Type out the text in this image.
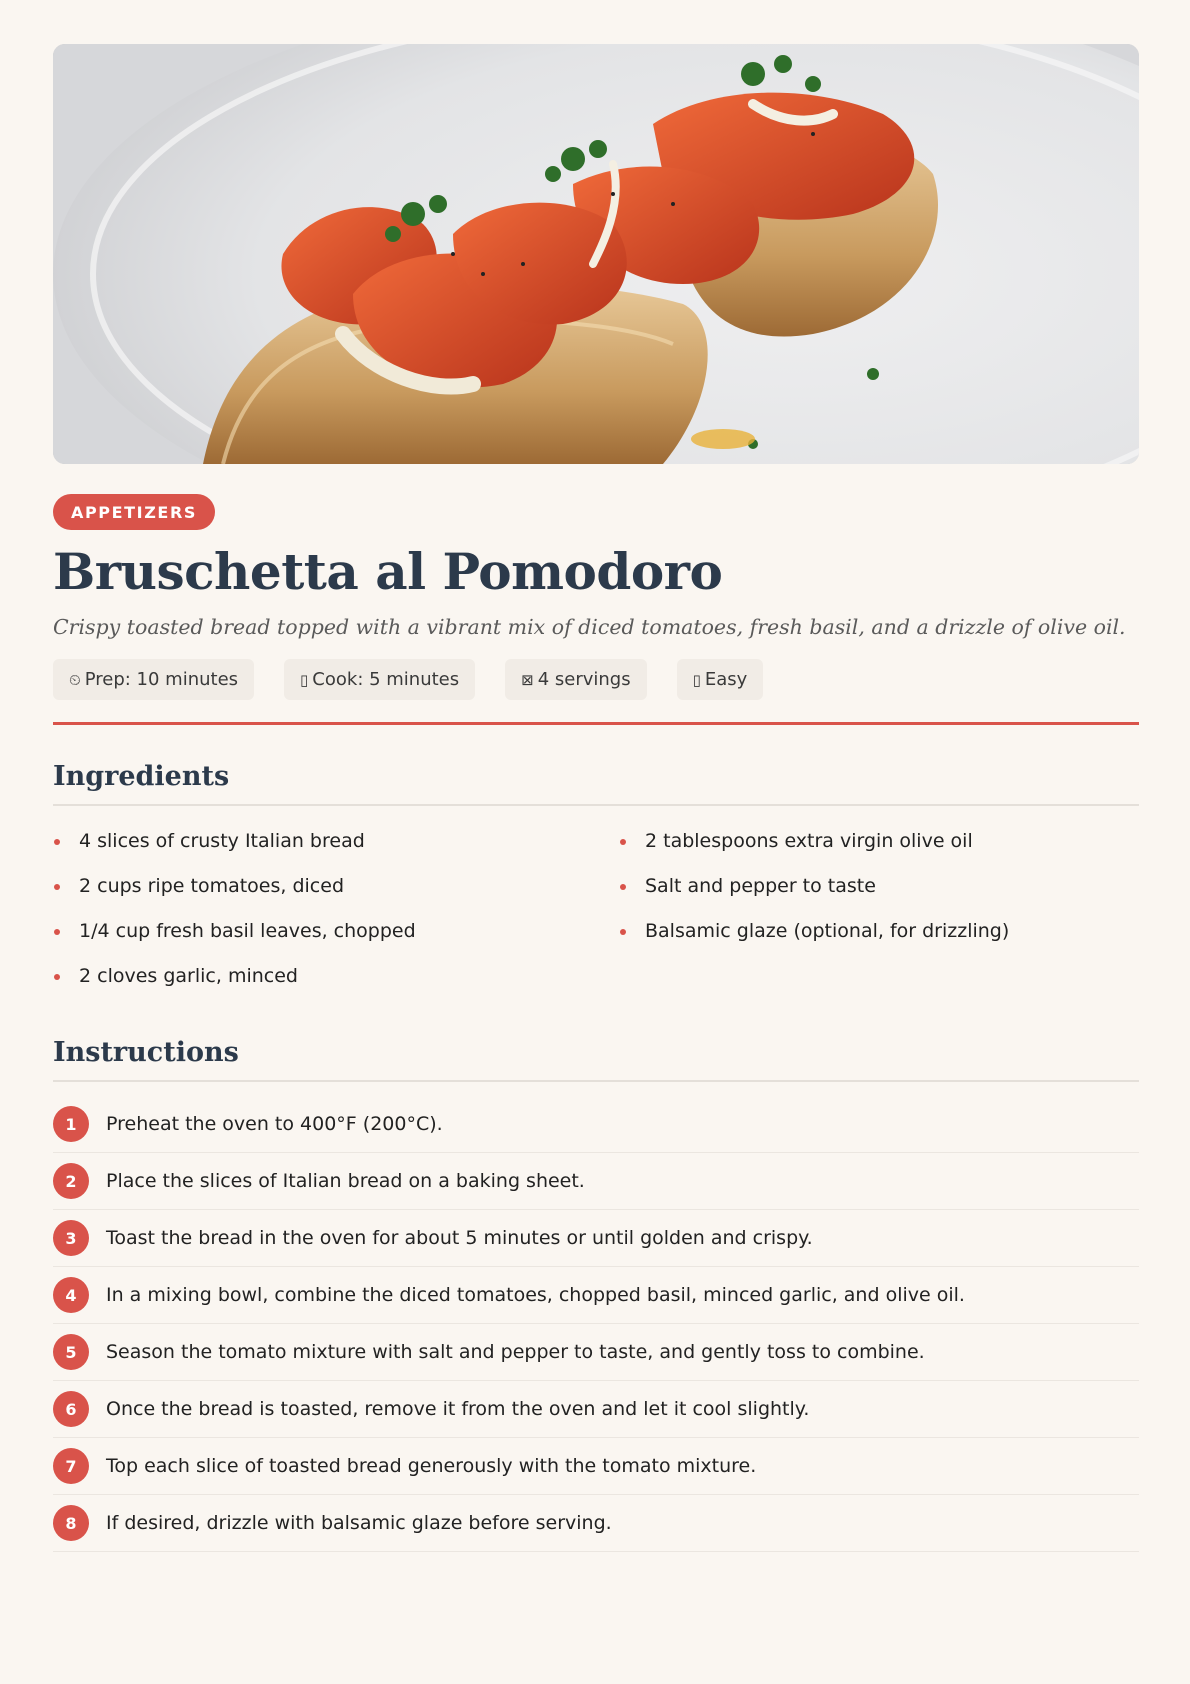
APPETIZERS
Bruschetta al Pomodoro

Crispy toasted bread topped with a vibrant mix of diced tomatoes, fresh basil, and a drizzle of olive oil.

⏲ Prep: 10 minutes	▯ Cook: 5 minutes	⊠ 4 servings	▯ Easy
Ingredients
4 slices of crusty Italian bread
2 cups ripe tomatoes, diced
1/4 cup fresh basil leaves, chopped
2 cloves garlic, minced
2 tablespoons extra virgin olive oil
Salt and pepper to taste
Balsamic glaze (optional, for drizzling)
Instructions
1	Preheat the oven to 400°F (200°C).
2	Place the slices of Italian bread on a baking sheet.
3	Toast the bread in the oven for about 5 minutes or until golden and crispy.
4	In a mixing bowl, combine the diced tomatoes, chopped basil, minced garlic, and olive oil.
5	Season the tomato mixture with salt and pepper to taste, and gently toss to combine.
6	Once the bread is toasted, remove it from the oven and let it cool slightly.
7	Top each slice of toasted bread generously with the tomato mixture.
8	If desired, drizzle with balsamic glaze before serving.
